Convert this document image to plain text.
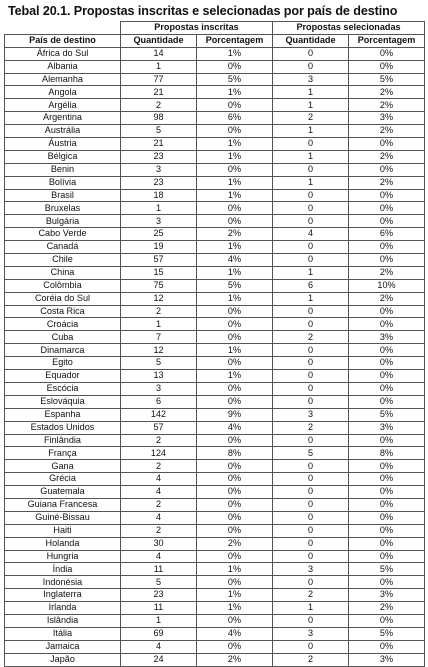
Tebal 20.1. Propostas inscritas e selecionadas por país de destino
	Propostas inscritas		Propostas selecionadas	
País de destino	Quantidade	Porcentagem	Quantidade	Porcentagem
África do Sul	14	1%	0	0%
Albania	1	0%	0	0%
Alemanha	77	5%	3	5%
Angola	21	1%	1	2%
Argélia	2	0%	1	2%
Argentina	98	6%	2	3%
Austrália	5	0%	1	2%
Áustria	21	1%	0	0%
Bélgica	23	1%	1	2%
Benin	3	0%	0	0%
Bolívia	23	1%	1	2%
Brasil	18	1%	0	0%
Bruxelas	1	0%	0	0%
Bulgária	3	0%	0	0%
Cabo Verde	25	2%	4	6%
Canadá	19	1%	0	0%
Chile	57	4%	0	0%
China	15	1%	1	2%
Colômbia	75	5%	6	10%
Coréia do Sul	12	1%	1	2%
Costa Rica	2	0%	0	0%
Croácia	1	0%	0	0%
Cuba	7	0%	2	3%
Dinamarca	12	1%	0	0%
Egito	5	0%	0	0%
Equador	13	1%	0	0%
Escócia	3	0%	0	0%
Eslováquia	6	0%	0	0%
Espanha	142	9%	3	5%
Estados Unidos	57	4%	2	3%
Finlândia	2	0%	0	0%
França	124	8%	5	8%
Gana	2	0%	0	0%
Grécia	4	0%	0	0%
Guatemala	4	0%	0	0%
Guiana Francesa	2	0%	0	0%
Guiné-Bissau	4	0%	0	0%
Haiti	2	0%	0	0%
Holanda	30	2%	0	0%
Hungria	4	0%	0	0%
Índia	11	1%	3	5%
Indonésia	5	0%	0	0%
Inglaterra	23	1%	2	3%
Irlanda	11	1%	1	2%
Islândia	1	0%	0	0%
Itália	69	4%	3	5%
Jamaica	4	0%	0	0%
Japão	24	2%	2	3%
